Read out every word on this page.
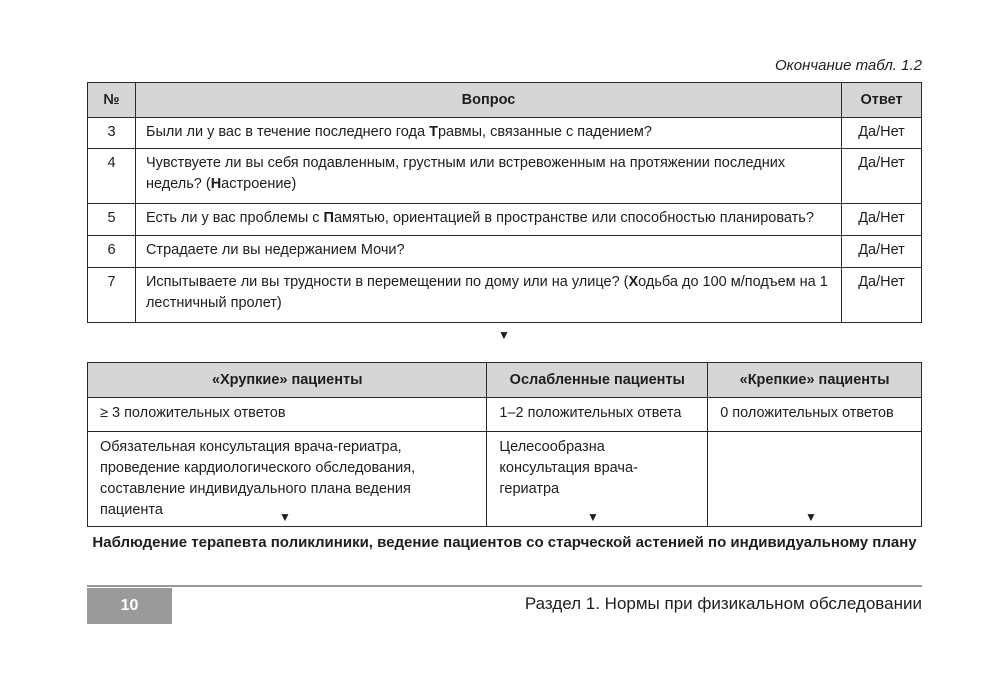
Окончание табл. 1.2
№	Вопрос	Ответ
3	Были ли у вас в течение последнего года Травмы, связанные с падением?	Да/Нет
4	Чувствуете ли вы себя подавленным, грустным или встревоженным на протяжении последних недель? (Настроение)	Да/Нет
5	Есть ли у вас проблемы с Памятью, ориентацией в пространстве или способностью планировать?	Да/Нет
6	Страдаете ли вы недержанием Мочи?	Да/Нет
7	Испытываете ли вы трудности в перемещении по дому или на улице? (Ходьба до 100 м/подъем на 1 лестничный пролет)	Да/Нет
▼
«Хрупкие» пациенты	Ослабленные пациенты	«Крепкие» пациенты
≥ 3 положительных ответов	1–2 положительных ответа	0 положительных ответов
Обязательная консультация врача-гериатра, проведение кардиологического обследования, составление индивидуального плана ведения пациента	Целесообразна консультация врача-гериатра	
▼	▼	▼
Наблюдение терапевта поликлиники, ведение пациентов со старческой астенией по индивидуальному плану
10	Раздел 1. Нормы при физикальном обследовании
